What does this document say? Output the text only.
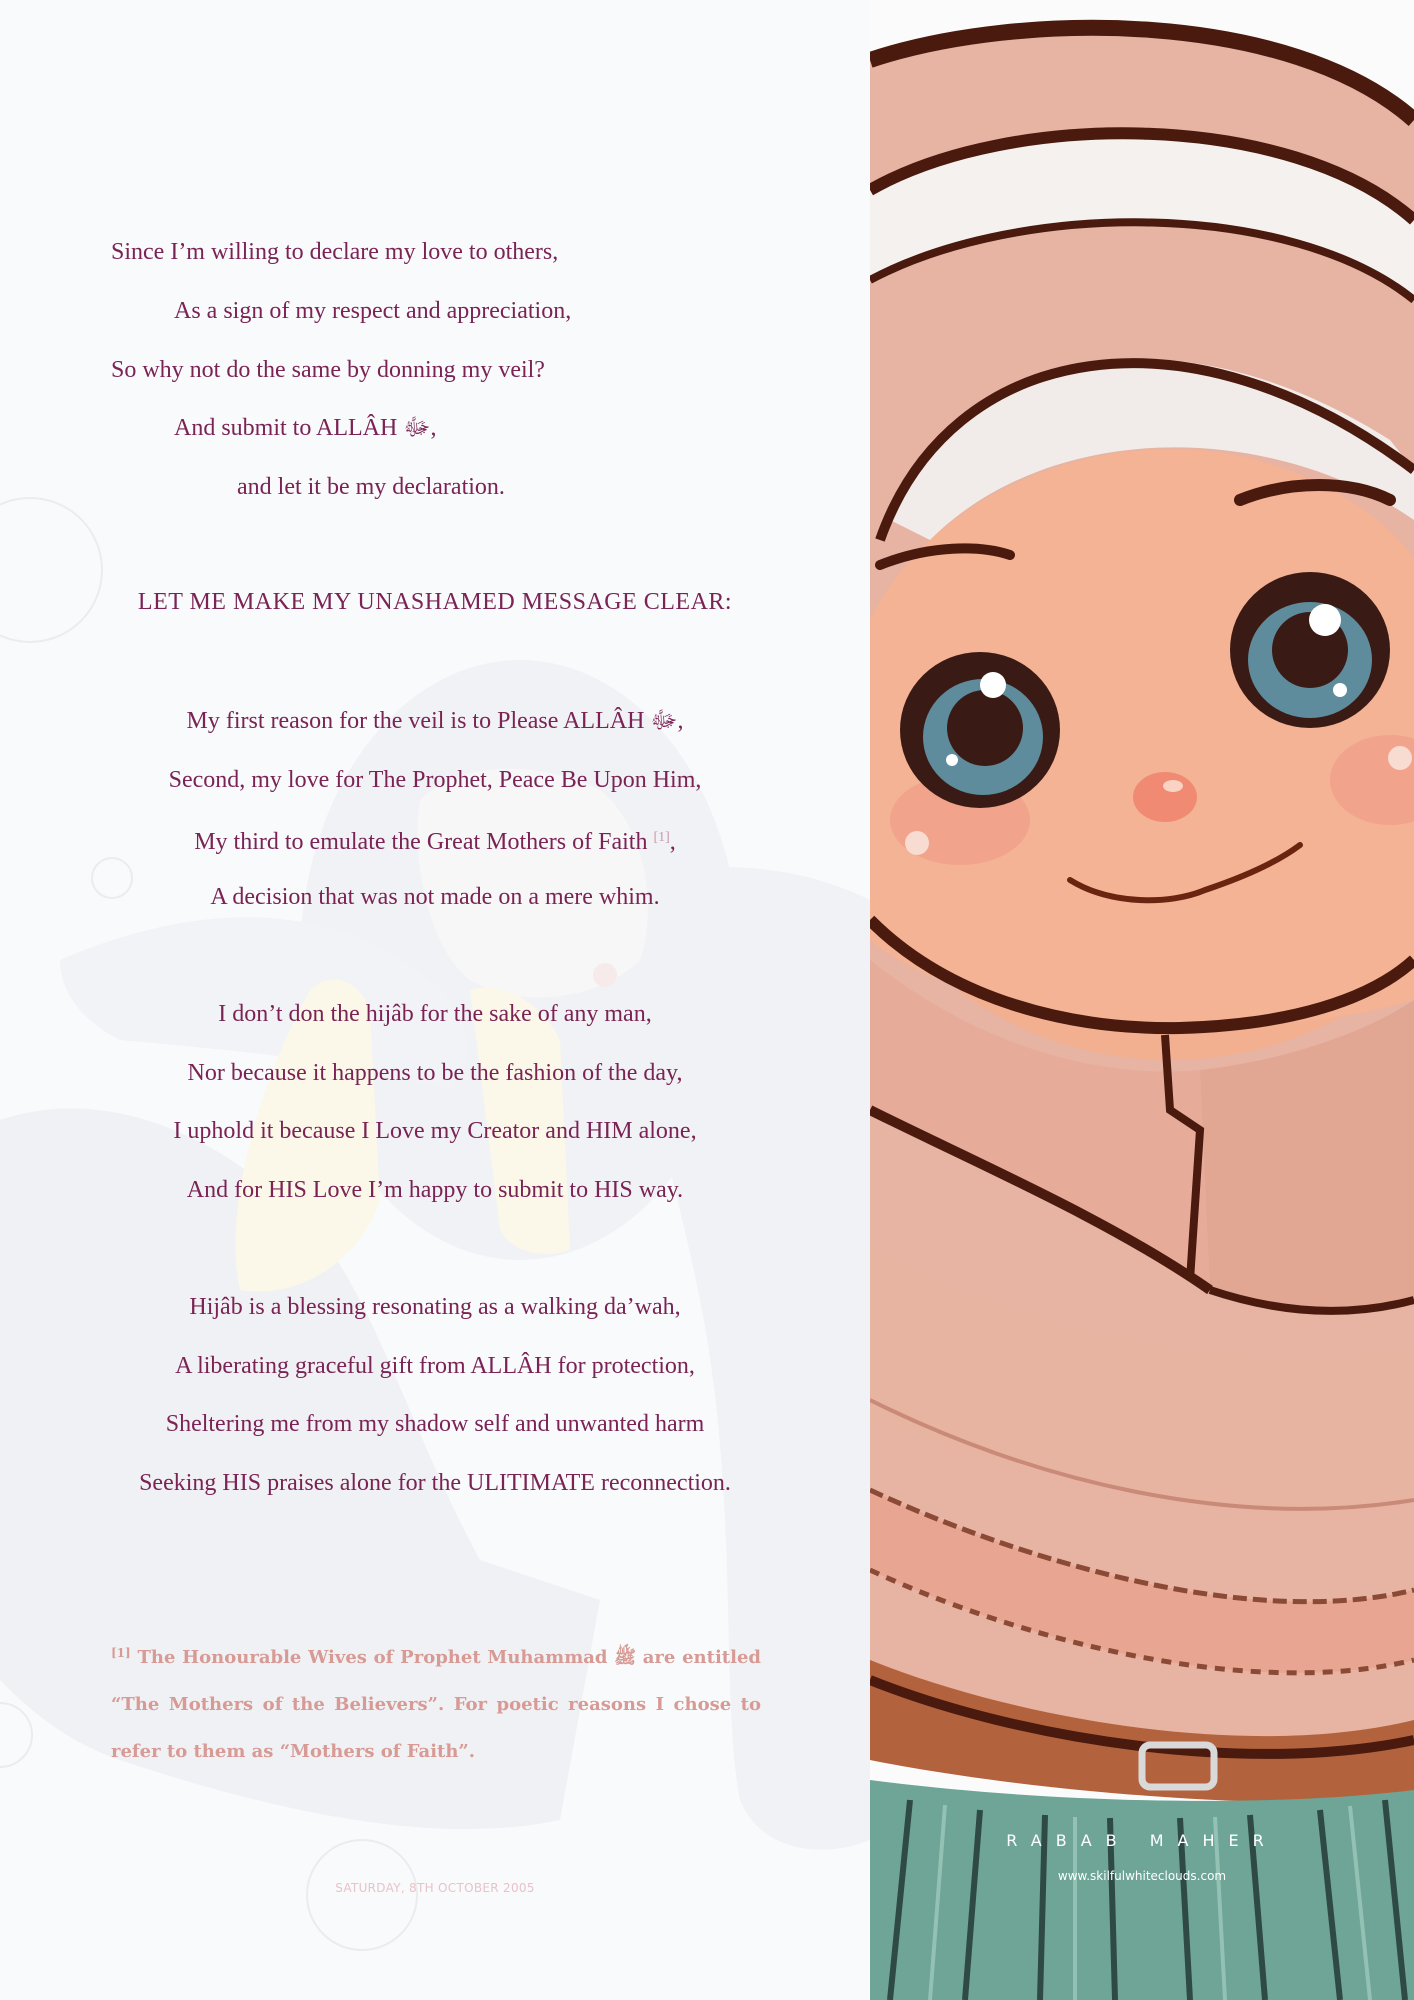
Since I’m willing to declare my love to others,
As a sign of my respect and appreciation,
So why not do the same by donning my veil?
And submit to ALLÂH ﷻ,
and let it be my declaration.
LET ME MAKE MY UNASHAMED MESSAGE CLEAR:
My first reason for the veil is to Please ALLÂH ﷻ,
Second, my love for The Prophet, Peace Be Upon Him,
My third to emulate the Great Mothers of Faith [1],
A decision that was not made on a mere whim.
I don’t don the hijâb for the sake of any man,
Nor because it happens to be the fashion of the day,
I uphold it because I Love my Creator and HIM alone,
And for HIS Love I’m happy to submit to HIS way.
Hijâb is a blessing resonating as a walking da’wah,
A liberating graceful gift from ALLÂH for protection,
Sheltering me from my shadow self and unwanted harm
Seeking HIS praises alone for the ULITIMATE reconnection.
[1] The Honourable Wives of Prophet Muhammad ﷺ are entitled “The Mothers of the Believers”. For poetic reasons I chose to refer to them as “Mothers of Faith”.
SATURDAY, 8TH OCTOBER 2005
RABAB MAHER
www.skilfulwhiteclouds.com
